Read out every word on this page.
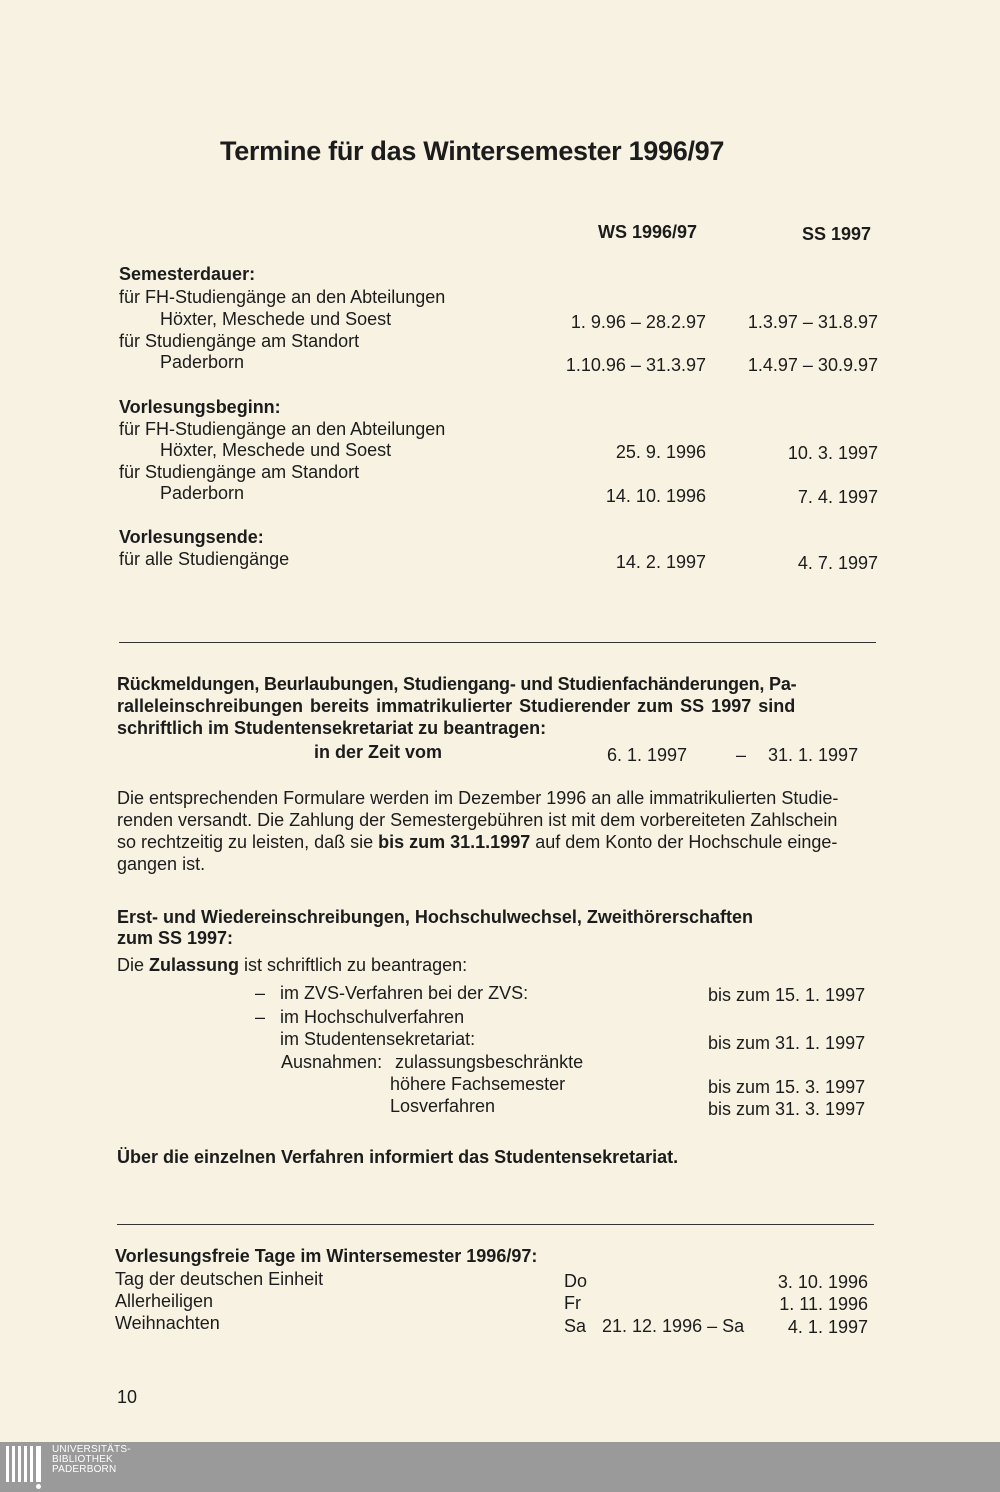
Termine für das Wintersemester 1996/97
WS 1996/97	SS 1997
Semesterdauer:
für FH-Studiengänge an den Abteilungen
Höxter, Meschede und Soest	1. 9.96 – 28.2.97	1.3.97 – 31.8.97
für Studiengänge am Standort
Paderborn	1.10.96 – 31.3.97	1.4.97 – 30.9.97
Vorlesungsbeginn:
für FH-Studiengänge an den Abteilungen
Höxter, Meschede und Soest	25. 9. 1996	10. 3. 1997
für Studiengänge am Standort
Paderborn	14. 10. 1996	7. 4. 1997
Vorlesungsende:
für alle Studiengänge	14. 2. 1997	4. 7. 1997
Rückmeldungen, Beurlaubungen, Studiengang- und Studienfachänderungen, Pa-
ralleleinschreibungen bereits immatrikulierter Studierender zum SS 1997 sind
schriftlich im Studentensekretariat zu beantragen:
in der Zeit vom	6. 1. 1997	– 31. 1. 1997
Die entsprechenden Formulare werden im Dezember 1996 an alle immatrikulierten Studie-
renden versandt. Die Zahlung der Semestergebühren ist mit dem vorbereiteten Zahlschein
so rechtzeitig zu leisten, daß sie bis zum 31.1.1997 auf dem Konto der Hochschule einge-
gangen ist.
Erst- und Wiedereinschreibungen, Hochschulwechsel, Zweithörerschaften
zum SS 1997:
Die Zulassung ist schriftlich zu beantragen:
– im ZVS-Verfahren bei der ZVS:	bis zum 15. 1. 1997
– im Hochschulverfahren
im Studentensekretariat:	bis zum 31. 1. 1997
Ausnahmen: zulassungsbeschränkte
höhere Fachsemester	bis zum 15. 3. 1997
Losverfahren	bis zum 31. 3. 1997
Über die einzelnen Verfahren informiert das Studentensekretariat.
Vorlesungsfreie Tage im Wintersemester 1996/97:
Tag der deutschen Einheit	Do	3. 10. 1996
Allerheiligen	Fr	1. 11. 1996
Weihnachten	Sa 21. 12. 1996 – Sa	4. 1. 1997
10
UNIVERSITÄTS-
BIBLIOTHEK
PADERBORN
